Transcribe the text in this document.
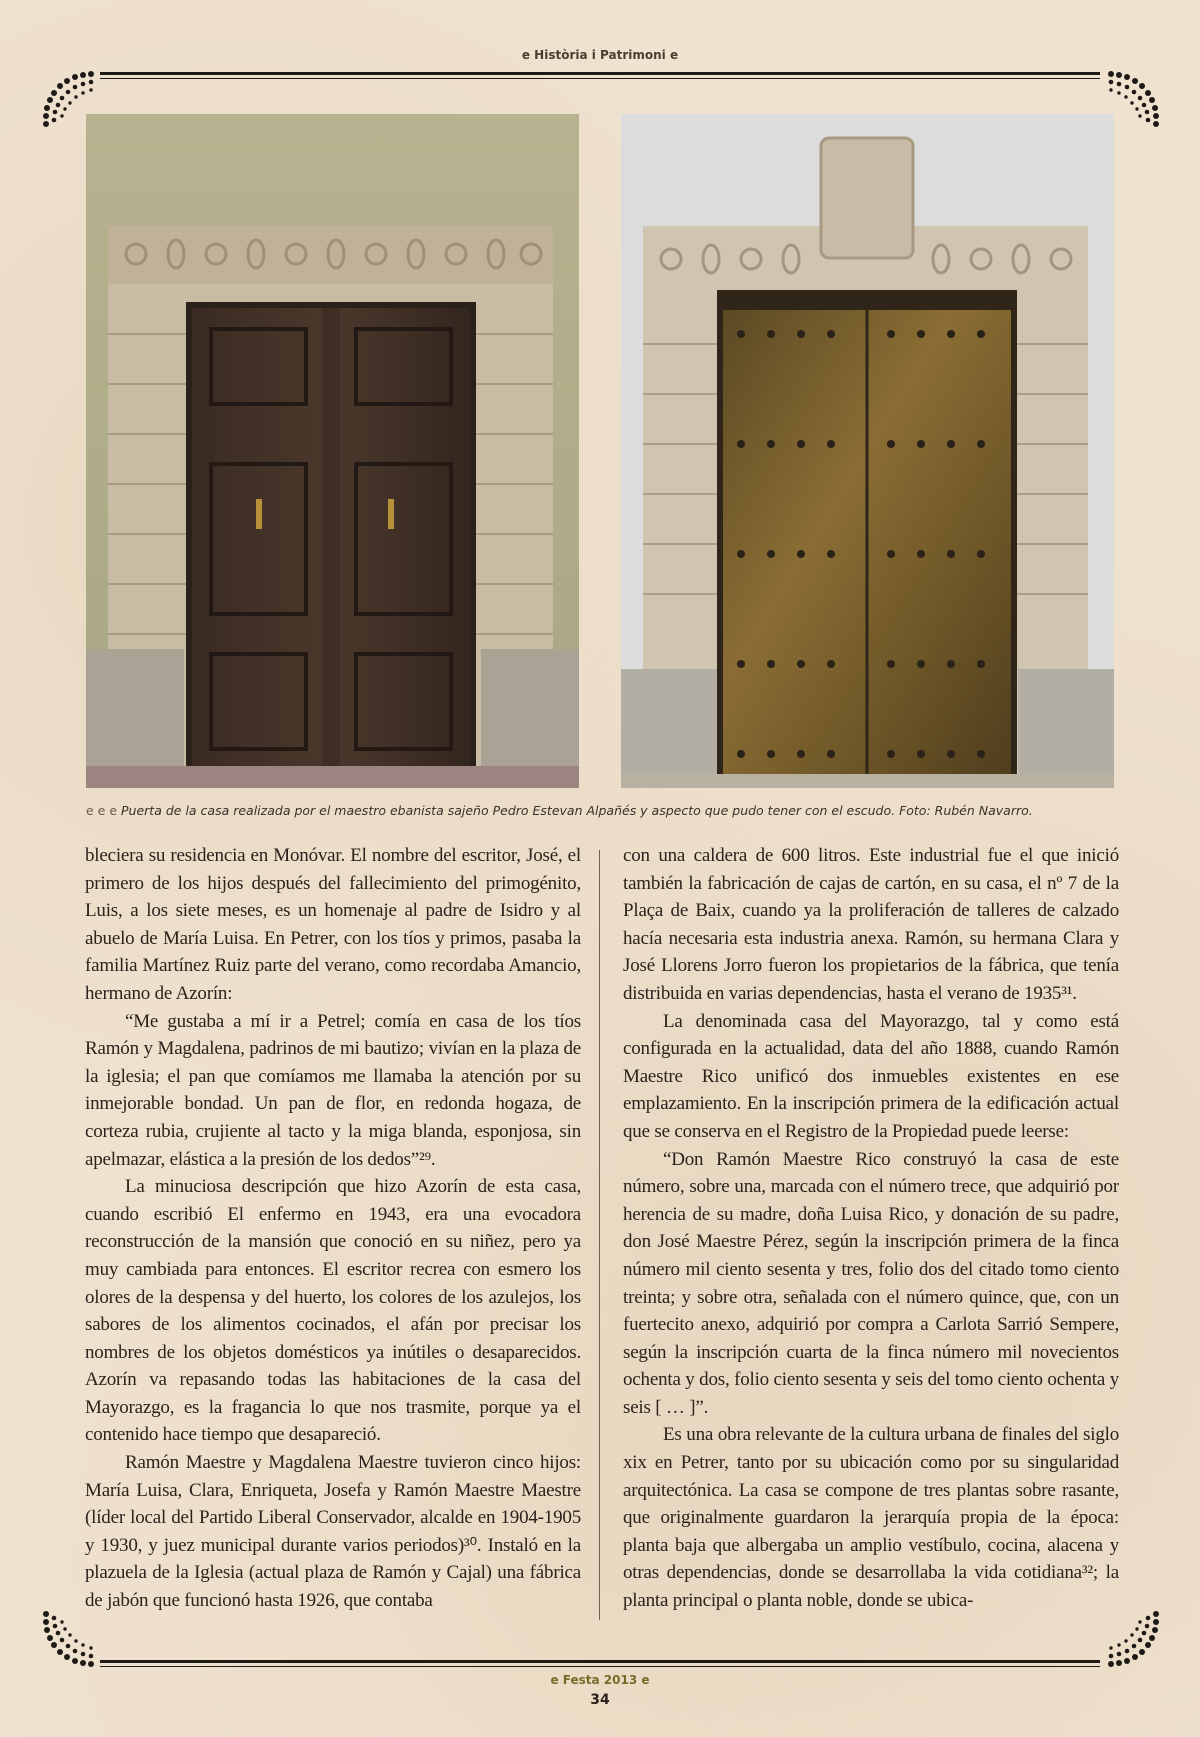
e Història i Patrimoni e
e e e Puerta de la casa realizada por el maestro ebanista sajeño Pedro Estevan Alpañés y aspecto que pudo tener con el escudo. Foto: Rubén Navarro.

bleciera su residencia en Monóvar. El nombre del escritor, José, el primero de los hijos después del fallecimiento del primogénito, Luis, a los siete meses, es un homenaje al padre de Isidro y al abuelo de María Luisa. En Petrer, con los tíos y primos, pasaba la familia Martínez Ruiz parte del verano, como recordaba Amancio, hermano de Azorín:

“Me gustaba a mí ir a Petrel; comía en casa de los tíos Ramón y Magdalena, padrinos de mi bautizo; vivían en la plaza de la iglesia; el pan que comíamos me llamaba la atención por su inmejorable bondad. Un pan de flor, en redonda hogaza, de corteza rubia, crujiente al tacto y la miga blanda, esponjosa, sin apelmazar, elástica a la presión de los dedos”²⁹.

La minuciosa descripción que hizo Azorín de esta casa, cuando escribió El enfermo en 1943, era una evocadora reconstrucción de la mansión que conoció en su niñez, pero ya muy cambiada para entonces. El escritor recrea con esmero los olores de la despensa y del huerto, los colores de los azulejos, los sabores de los alimentos cocinados, el afán por precisar los nombres de los objetos domésticos ya inútiles o desaparecidos. Azorín va repasando todas las habitaciones de la casa del Mayorazgo, es la fragancia lo que nos trasmite, porque ya el contenido hace tiempo que desapareció.

Ramón Maestre y Magdalena Maestre tuvieron cinco hijos: María Luisa, Clara, Enriqueta, Josefa y Ramón Maestre Maestre (líder local del Partido Liberal Conservador, alcalde en 1904-1905 y 1930, y juez municipal durante varios periodos)³⁰. Instaló en la plazuela de la Iglesia (actual plaza de Ramón y Cajal) una fábrica de jabón que funcionó hasta 1926, que contaba

con una caldera de 600 litros. Este industrial fue el que inició también la fabricación de cajas de cartón, en su casa, el nº 7 de la Plaça de Baix, cuando ya la proliferación de talleres de calzado hacía necesaria esta industria anexa. Ramón, su hermana Clara y José Llorens Jorro fueron los propietarios de la fábrica, que tenía distribuida en varias dependencias, hasta el verano de 1935³¹.

La denominada casa del Mayorazgo, tal y como está configurada en la actualidad, data del año 1888, cuando Ramón Maestre Rico unificó dos inmuebles existentes en ese emplazamiento. En la inscripción primera de la edificación actual que se conserva en el Registro de la Propiedad puede leerse:

“Don Ramón Maestre Rico construyó la casa de este número, sobre una, marcada con el número trece, que adquirió por herencia de su madre, doña Luisa Rico, y donación de su padre, don José Maestre Pérez, según la inscripción primera de la finca número mil ciento sesenta y tres, folio dos del citado tomo ciento treinta; y sobre otra, señalada con el número quince, que, con un fuertecito anexo, adquirió por compra a Carlota Sarrió Sempere, según la inscripción cuarta de la finca número mil novecientos ochenta y dos, folio ciento sesenta y seis del tomo ciento ochenta y seis [ … ]”.

Es una obra relevante de la cultura urbana de finales del siglo xix en Petrer, tanto por su ubicación como por su singularidad arquitectónica. La casa se compone de tres plantas sobre rasante, que originalmente guardaron la jerarquía propia de la época: planta baja que albergaba un amplio vestíbulo, cocina, alacena y otras dependencias, donde se desarrollaba la vida cotidiana³²; la planta principal o planta noble, donde se ubica-

e Festa 2013 e
34
